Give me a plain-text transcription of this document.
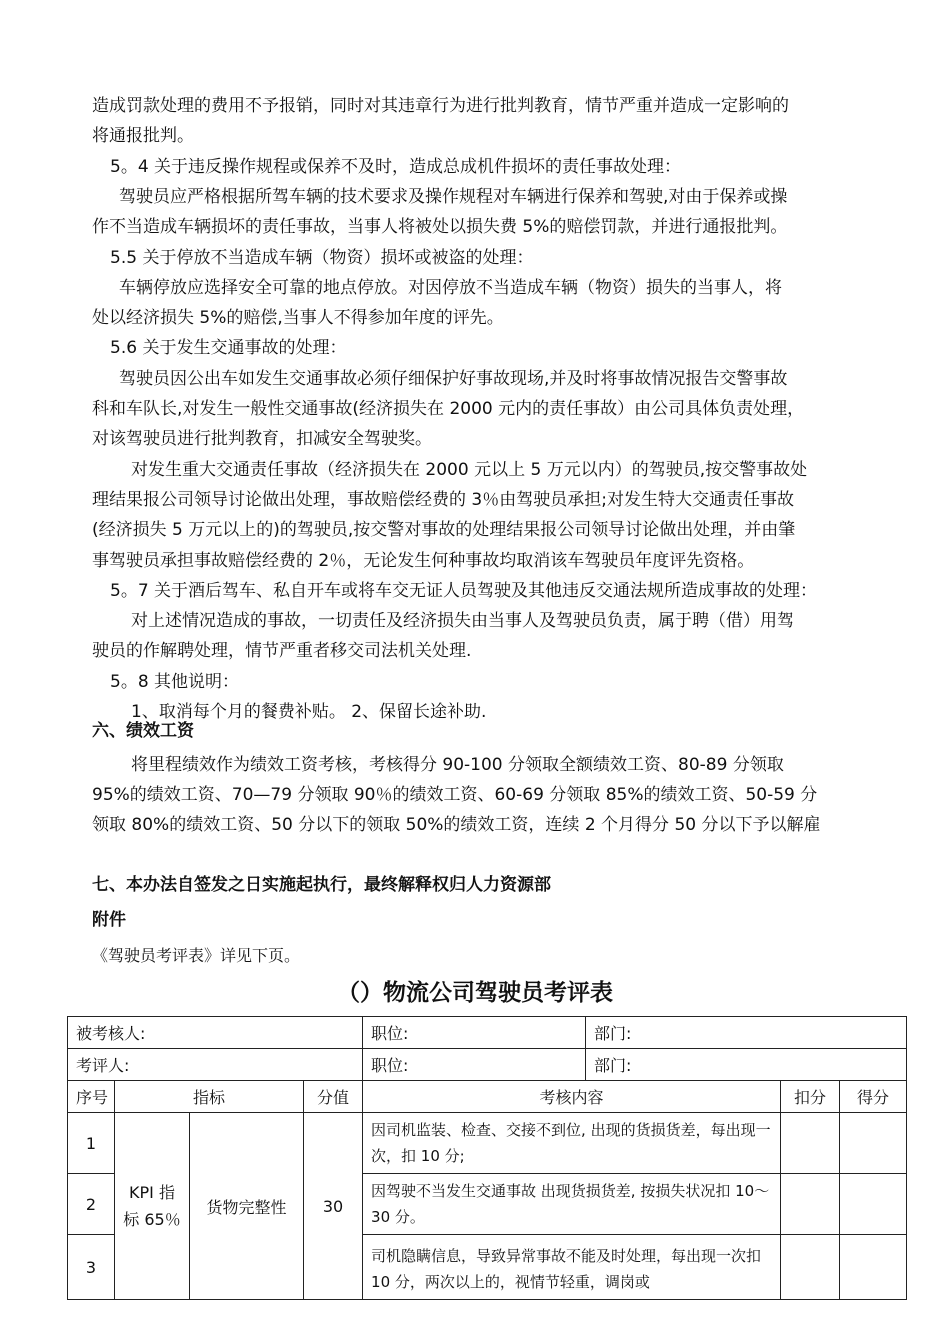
造成罚款处理的费用不予报销，同时对其违章行为进行批判教育，情节严重并造成一定影响的
将通报批判。
5。4 关于违反操作规程或保养不及时，造成总成机件损坏的责任事故处理：
驾驶员应严格根据所驾车辆的技术要求及操作规程对车辆进行保养和驾驶,对由于保养或操
作不当造成车辆损坏的责任事故，当事人将被处以损失费 5%的赔偿罚款，并进行通报批判。
5.5 关于停放不当造成车辆（物资）损坏或被盗的处理：
车辆停放应选择安全可靠的地点停放。对因停放不当造成车辆（物资）损失的当事人，将
处以经济损失 5%的赔偿,当事人不得参加年度的评先。
5.6 关于发生交通事故的处理：
驾驶员因公出车如发生交通事故必须仔细保护好事故现场,并及时将事故情况报告交警事故
科和车队长,对发生一般性交通事故(经济损失在 2000 元内的责任事故）由公司具体负责处理，
对该驾驶员进行批判教育，扣减安全驾驶奖。
对发生重大交通责任事故（经济损失在 2000 元以上 5 万元以内）的驾驶员,按交警事故处
理结果报公司领导讨论做出处理，事故赔偿经费的 3％由驾驶员承担;对发生特大交通责任事故
(经济损失 5 万元以上的)的驾驶员,按交警对事故的处理结果报公司领导讨论做出处理，并由肇
事驾驶员承担事故赔偿经费的 2％，无论发生何种事故均取消该车驾驶员年度评先资格。
5。7 关于酒后驾车、私自开车或将车交无证人员驾驶及其他违反交通法规所造成事故的处理：
对上述情况造成的事故，一切责任及经济损失由当事人及驾驶员负责，属于聘（借）用驾
驶员的作解聘处理，情节严重者移交司法机关处理.
5。8 其他说明：
1、取消每个月的餐费补贴。 2、保留长途补助.
六、绩效工资
将里程绩效作为绩效工资考核，考核得分 90-100 分领取全额绩效工资、80-89 分领取
95%的绩效工资、70—79 分领取 90％的绩效工资、60-69 分领取 85%的绩效工资、50-59 分
领取 80%的绩效工资、50 分以下的领取 50%的绩效工资，连续 2 个月得分 50 分以下予以解雇
七、本办法自签发之日实施起执行，最终解释权归人力资源部
附件
《驾驶员考评表》详见下页。
（）物流公司驾驶员考评表
被考核人:				职位:	部门:		
考评人:				职位:	部门:		
序号	指标		分值	考核内容		扣分	得分
1	KPI 指标 65％	货物完整性	30	因司机监装、检查、交接不到位, 出现的货损货差，每出现一次，扣 10 分;			
2				因驾驶不当发生交通事故 出现货损货差, 按损失状况扣 10～30 分。			
3				司机隐瞒信息，导致异常事故不能及时处理，每出现一次扣 10 分，两次以上的，视情节轻重，调岗或			
